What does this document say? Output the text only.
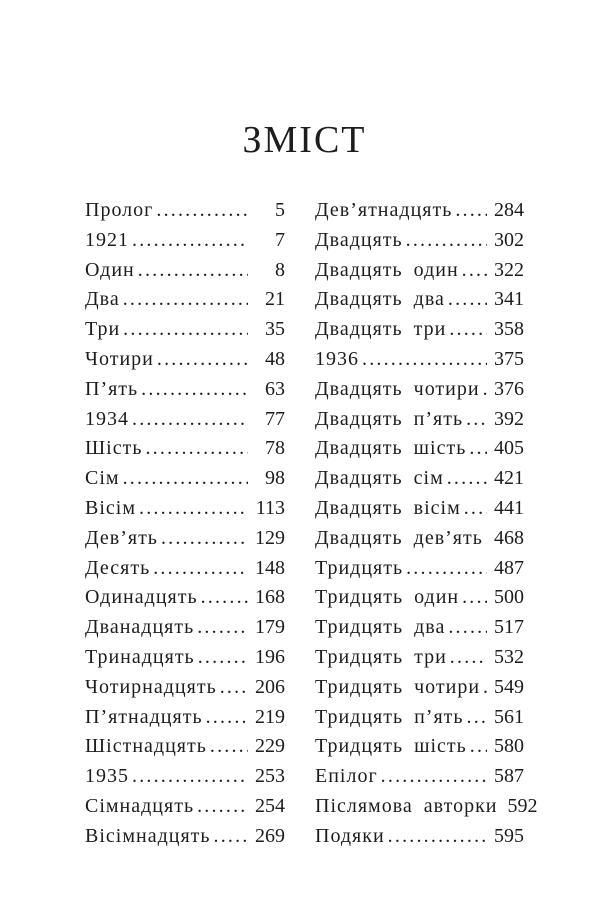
ЗМІСТ
Пролог .....	5
1921 .....	7
Один .....	8
Два .....	21
Три .....	35
Чотири .....	48
П’ять .....	63
1934 .....	77
Шість .....	78
Сім .....	98
Вісім .....	113
Дев’ять .....	129
Десять .....	148
Одинадцять .....	168
Дванадцять .....	179
Тринадцять .....	196
Чотирнадцять ..... 206
П’ятнадцять .....	219
Шістнадцять ..... 229
1935 .....	253
Сімнадцять .....	254
Вісімнадцять ..... 269
Дев’ятнадцять ..... 284
Двадцять .....	302
Двадцять один ..... 322
Двадцять два ..... 341
Двадцять три ..... 358
1936 .....	375
Двадцять чотири ..... 376
Двадцять п’ять ..... 392
Двадцять шість ..... 405
Двадцять сім .....	421
Двадцять вісім ..... 441
Двадцять дев’ять ..... 468
Тридцять .....	487
Тридцять один ..... 500
Тридцять два ..... 517
Тридцять три ..... 532
Тридцять чотири ..... 549
Тридцять п’ять ..... 561
Тридцять шість ..... 580
Епілог .....	587
Післямова авторки 592
Подяки .....	595
